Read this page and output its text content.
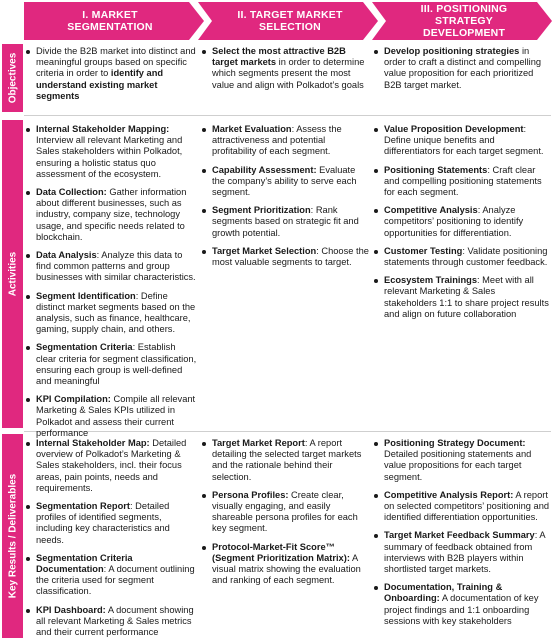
I. MARKET
SEGMENTATION
II. TARGET MARKET
SELECTION
III. POSITIONING STRATEGY
DEVELOPMENT
Objectives
Activities
Key Results / Deliverables
Divide the B2B market into distinct and meaningful groups based on specific criteria in order to identify and understand existing market segments
Select the most attractive B2B target markets in order to determine which segments present the most value and align with Polkadot’s goals
Develop positioning strategies in order to craft a distinct and compelling value proposition for each prioritized B2B target market.
Internal Stakeholder Mapping: Interview all relevant Marketing and Sales stakeholders within Polkadot, ensuring a holistic status quo assessment of the ecosystem.
Data Collection: Gather information about different businesses, such as industry, company size, technology usage, and specific needs related to blockchain.
Data Analysis: Analyze this data to find common patterns and group businesses with similar characteristics.
Segment Identification: Define distinct market segments based on the analysis, such as finance, healthcare, gaming, supply chain, and others.
Segmentation Criteria: Establish clear criteria for segment classification, ensuring each group is well-defined and meaningful
KPI Compilation: Compile all relevant Marketing & Sales KPIs utilized in Polkadot and assess their current performance
Market Evaluation: Assess the attractiveness and potential profitability of each segment.
Capability Assessment: Evaluate the company’s ability to serve each segment.
Segment Prioritization: Rank segments based on strategic fit and growth potential.
Target Market Selection: Choose the most valuable segments to target.
Value Proposition Development: Define unique benefits and differentiators for each target segment.
Positioning Statements: Craft clear and compelling positioning statements for each segment.
Competitive Analysis: Analyze competitors’ positioning to identify opportunities for differentiation.
Customer Testing: Validate positioning statements through customer feedback.
Ecosystem Trainings: Meet with all relevant Marketing & Sales stakeholders 1:1 to share project results and align on future collaboration
Internal Stakeholder Map: Detailed overview of Polkadot’s Marketing & Sales stakeholders, incl. their focus areas, pain points, needs and requirements.
Segmentation Report: Detailed profiles of identified segments, including key characteristics and needs.
Segmentation Criteria Documentation: A document outlining the criteria used for segment classification.
KPI Dashboard: A document showing all relevant Marketing & Sales metrics and their current performance
Target Market Report: A report detailing the selected target markets and the rationale behind their selection.
Persona Profiles: Create clear, visually engaging, and easily shareable persona profiles for each key segment.
Protocol-Market-Fit Score™ (Segment Prioritization Matrix): A visual matrix showing the evaluation and ranking of each segment.
Positioning Strategy Document: Detailed positioning statements and value propositions for each target segment.
Competitive Analysis Report: A report on selected competitors’ positioning and identified differentiation opportunities.
Target Market Feedback Summary: A summary of feedback obtained from interviews with B2B players within shortlisted target markets.
Documentation, Training & Onboarding: A documentation of key project findings and 1:1 onboarding sessions with key stakeholders
